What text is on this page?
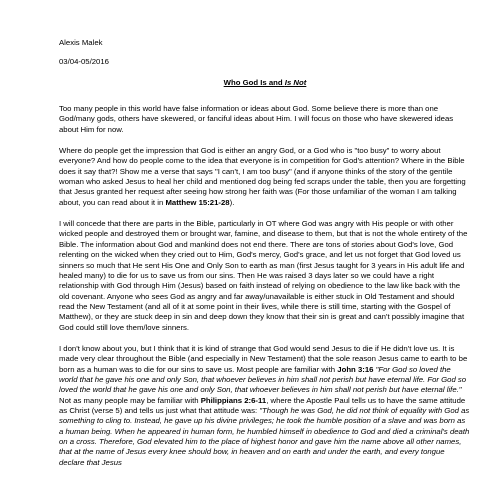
Alexis Malek

03/04-05/2016

Who God Is and Is Not

Too many people in this world have false information or ideas about God. Some believe there is more than one God/many gods, others have skewered, or fanciful ideas about Him. I will focus on those who have skewered ideas about Him for now.

Where do people get the impression that God is either an angry God, or a God who is "too busy" to worry about everyone? And how do people come to the idea that everyone is in competition for God's attention? Where in the Bible does it say that?! Show me a verse that says "I can't, I am too busy" (and if anyone thinks of the story of the gentile woman who asked Jesus to heal her child and mentioned dog being fed scraps under the table, then you are forgetting that Jesus granted her request after seeing how strong her faith was (For those unfamiliar of the woman I am talking about, you can read about it in Matthew 15:21-28).

I will concede that there are parts in the Bible, particularly in OT where God was angry with His people or with other wicked people and destroyed them or brought war, famine, and disease to them, but that is not the whole entirety of the Bible. The information about God and mankind does not end there. There are tons of stories about God's love, God relenting on the wicked when they cried out to Him, God's mercy, God's grace, and let us not forget that God loved us sinners so much that He sent His One and Only Son to earth as man (first Jesus taught for 3 years in His adult life and healed many) to die for us to save us from our sins. Then He was raised 3 days later so we could have a right relationship with God through Him (Jesus) based on faith instead of relying on obedience to the law like back with the old covenant. Anyone who sees God as angry and far away/unavailable is either stuck in Old Testament and should read the New Testament (and all of it at some point in their lives, while there is still time, starting with the Gospel of Matthew), or they are stuck deep in sin and deep down they know that their sin is great and can't possibly imagine that God could still love them/love sinners.

I don't know about you, but I think that it is kind of strange that God would send Jesus to die if He didn't love us. It is made very clear throughout the Bible (and especially in New Testament) that the sole reason Jesus came to earth to be born as a human was to die for our sins to save us. Most people are familiar with John 3:16 "For God so loved the world that he gave his one and only Son, that whoever believes in him shall not perish but have eternal life. For God so loved the world that he gave his one and only Son, that whoever believes in him shall not perish but have eternal life." Not as many people may be familiar with Philippians 2:6-11, where the Apostle Paul tells us to have the same attitude as Christ (verse 5) and tells us just what that attitude was: "Though he was God, he did not think of equality with God as something to cling to. Instead, he gave up his divine privileges; he took the humble position of a slave and was born as a human being. When he appeared in human form, he humbled himself in obedience to God and died a criminal's death on a cross. Therefore, God elevated him to the place of highest honor and gave him the name above all other names, that at the name of Jesus every knee should bow, in heaven and on earth and under the earth, and every tongue declare that Jesus
